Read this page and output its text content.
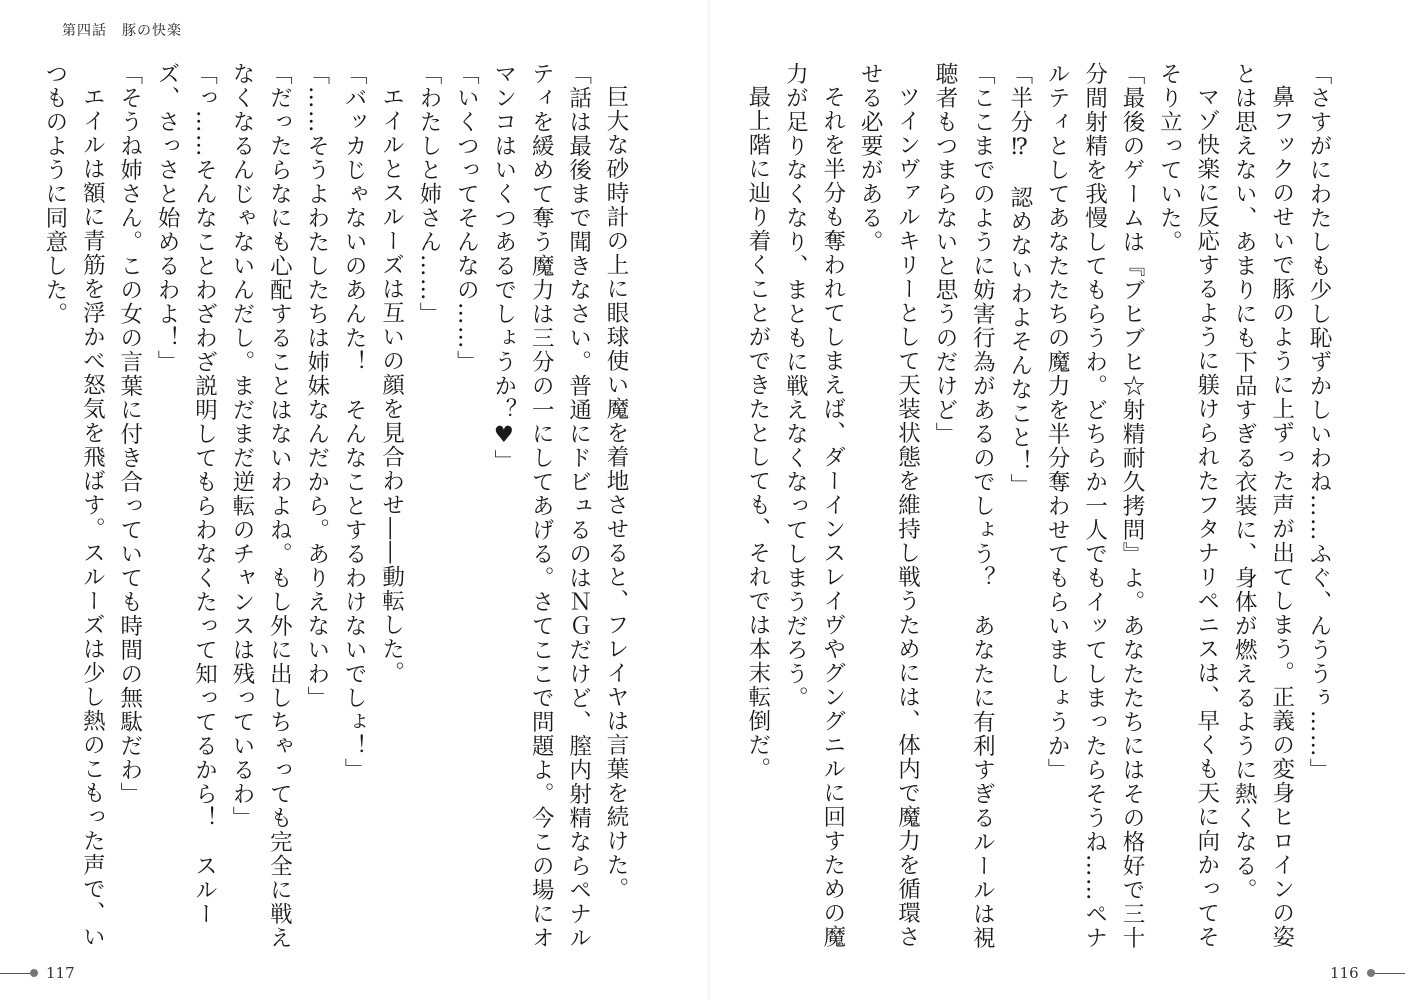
第四話　豚の快楽

「さすがにわたしも少し恥ずかしいわね……ふぐ、んううぅ……」

鼻フックのせいで豚のように上ずった声が出てしまう。正義の変身ヒロインの姿とは思えない、あまりにも下品すぎる衣装に、身体が燃えるように熱くなる。

マゾ快楽に反応するように躾けられたフタナリペニスは、早くも天に向かってそそり立っていた。

「最後のゲームは『ブヒブヒ☆射精耐久拷問』よ。あなたたちにはその格好で三十分間射精を我慢してもらうわ。どちらか一人でもイッてしまったらそうね……ペナルティとしてあなたたちの魔力を半分奪わせてもらいましょうか」

「半分⁉　認めないわよそんなこと！」

「ここまでのように妨害行為があるのでしょう？　あなたに有利すぎるルールは視聴者もつまらないと思うのだけど」

ツインヴァルキリーとして天装状態を維持し戦うためには、体内で魔力を循環させる必要がある。

それを半分も奪われてしまえば、ダーインスレイヴやグングニルに回すための魔力が足りなくなり、まともに戦えなくなってしまうだろう。

最上階に辿り着くことができたとしても、それでは本末転倒だ。

巨大な砂時計の上に眼球使い魔を着地させると、フレイヤは言葉を続けた。

「話は最後まで聞きなさい。普通にドビュるのはＮＧだけど、膣内射精ならペナルティを緩めて奪う魔力は三分の一にしてあげる。さてここで問題よ。今この場にオマンコはいくつあるでしょうか？♥」

「いくつってそんなの……」

「わたしと姉さん……」

エイルとスルーズは互いの顔を見合わせ――動転した。

「バッカじゃないのあんた！　そんなことするわけないでしょ！」

「……そうよわたしたちは姉妹なんだから。ありえないわ」

「だったらなにも心配することはないわよね。もし外に出しちゃっても完全に戦えなくなるんじゃないんだし。まだまだ逆転のチャンスは残っているわ」

「っ……そんなことわざわざ説明してもらわなくたって知ってるから！　スルーズ、さっさと始めるわよ！」

「そうね姉さん。この女の言葉に付き合っていても時間の無駄だわ」

エイルは額に青筋を浮かべ怒気を飛ばす。スルーズは少し熱のこもった声で、いつものように同意した。

117	116
